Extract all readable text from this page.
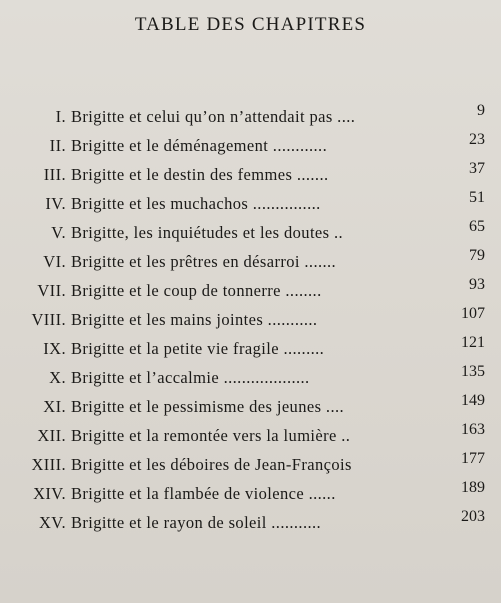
TABLE DES CHAPITRES
I. Brigitte et celui qu’on n’attendait pas ....	9
II. Brigitte et le déménagement ............	23
III. Brigitte et le destin des femmes .......	37
IV. Brigitte et les muchachos ...............	51
V. Brigitte, les inquiétudes et les doutes ..	65
VI. Brigitte et les prêtres en désarroi .......	79
VII. Brigitte et le coup de tonnerre ........	93
VIII. Brigitte et les mains jointes ...........	107
IX. Brigitte et la petite vie fragile .........	121
X. Brigitte et l’accalmie ...................	135
XI. Brigitte et le pessimisme des jeunes ....	149
XII. Brigitte et la remontée vers la lumière ..	163
XIII. Brigitte et les déboires de Jean-François	177
XIV. Brigitte et la flambée de violence ......	189
XV. Brigitte et le rayon de soleil ...........	203
